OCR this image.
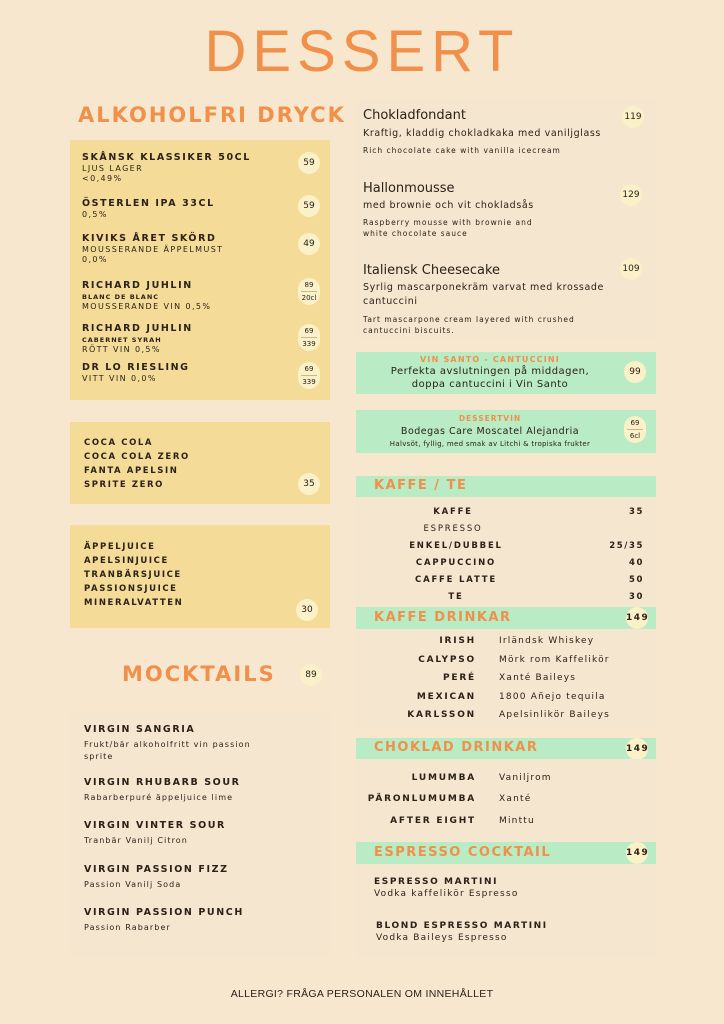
DESSERT
ALKOHOLFRI DRYCK
SKÅNSK KLASSIKER 50CL
LJUS LAGER
<0,49%
59
ÖSTERLEN IPA 33CL
0,5%
59
KIVIKS ÅRET SKÖRD
MOUSSERANDE ÄPPELMUST
0,0%
49
RICHARD JUHLIN
BLANC DE BLANC
MOUSSERANDE VIN 0,5%
89
20cl
RICHARD JUHLIN
CABERNET SYRAH
RÖTT VIN 0,5%
69
339
DR LO RIESLING
VITT VIN 0,0%
69
339
COCA COLA
COCA COLA ZERO
FANTA APELSIN
SPRITE ZERO	35
ÄPPELJUICE
APELSINJUICE
TRANBÄRSJUICE
PASSIONSJUICE
MINERALVATTEN
30
MOCKTAILS	89
VIRGIN SANGRIA
Frukt/bär alkoholfritt vin passion
sprite
VIRGIN RHUBARB SOUR
Rabarberpuré äppeljuice lime
VIRGIN VINTER SOUR
Tranbär Vanilj Citron
VIRGIN PASSION FIZZ
Passion Vanilj Soda
VIRGIN PASSION PUNCH
Passion Rabarber
Chokladfondant
Kraftig, kladdig chokladkaka med vaniljglass
Rich chocolate cake with vanilla icecream
119
Hallonmousse
med brownie och vit chokladsås
Raspberry mousse with brownie and
white chocolate sauce
129
Italiensk Cheesecake
Syrlig mascarponekräm varvat med krossade
cantuccini
Tart mascarpone cream layered with crushed
cantuccini biscuits.
109
VIN SANTO - CANTUCCINI
Perfekta avslutningen på middagen,
doppa cantuccini i Vin Santo
99
DESSERTVIN
Bodegas Care Moscatel Alejandria
Halvsöt, fyllig, med smak av Litchi & tropiska frukter
69
6cl
KAFFE / TE
KAFFE	35
ESPRESSO
ENKEL/DUBBEL	25/35
CAPPUCCINO	40
CAFFE LATTE	50
TE	30
KAFFE DRINKAR	149
IRISH	Irländsk Whiskey
CALYPSO	Mörk rom Kaffelikör
PERÉ	Xanté Baileys
MEXICAN	1800 Añejo tequila
KARLSSON	Apelsinlikör Baileys
CHOKLAD DRINKAR	149
LUMUMBA	Vaniljrom
PÄRONLUMUMBA	Xanté
AFTER EIGHT	Minttu
ESPRESSO COCKTAIL	149
ESPRESSO MARTINI
Vodka kaffelikör Espresso
BLOND ESPRESSO MARTINI
Vodka Baileys Espresso
ALLERGI? FRÅGA PERSONALEN OM INNEHÅLLET
